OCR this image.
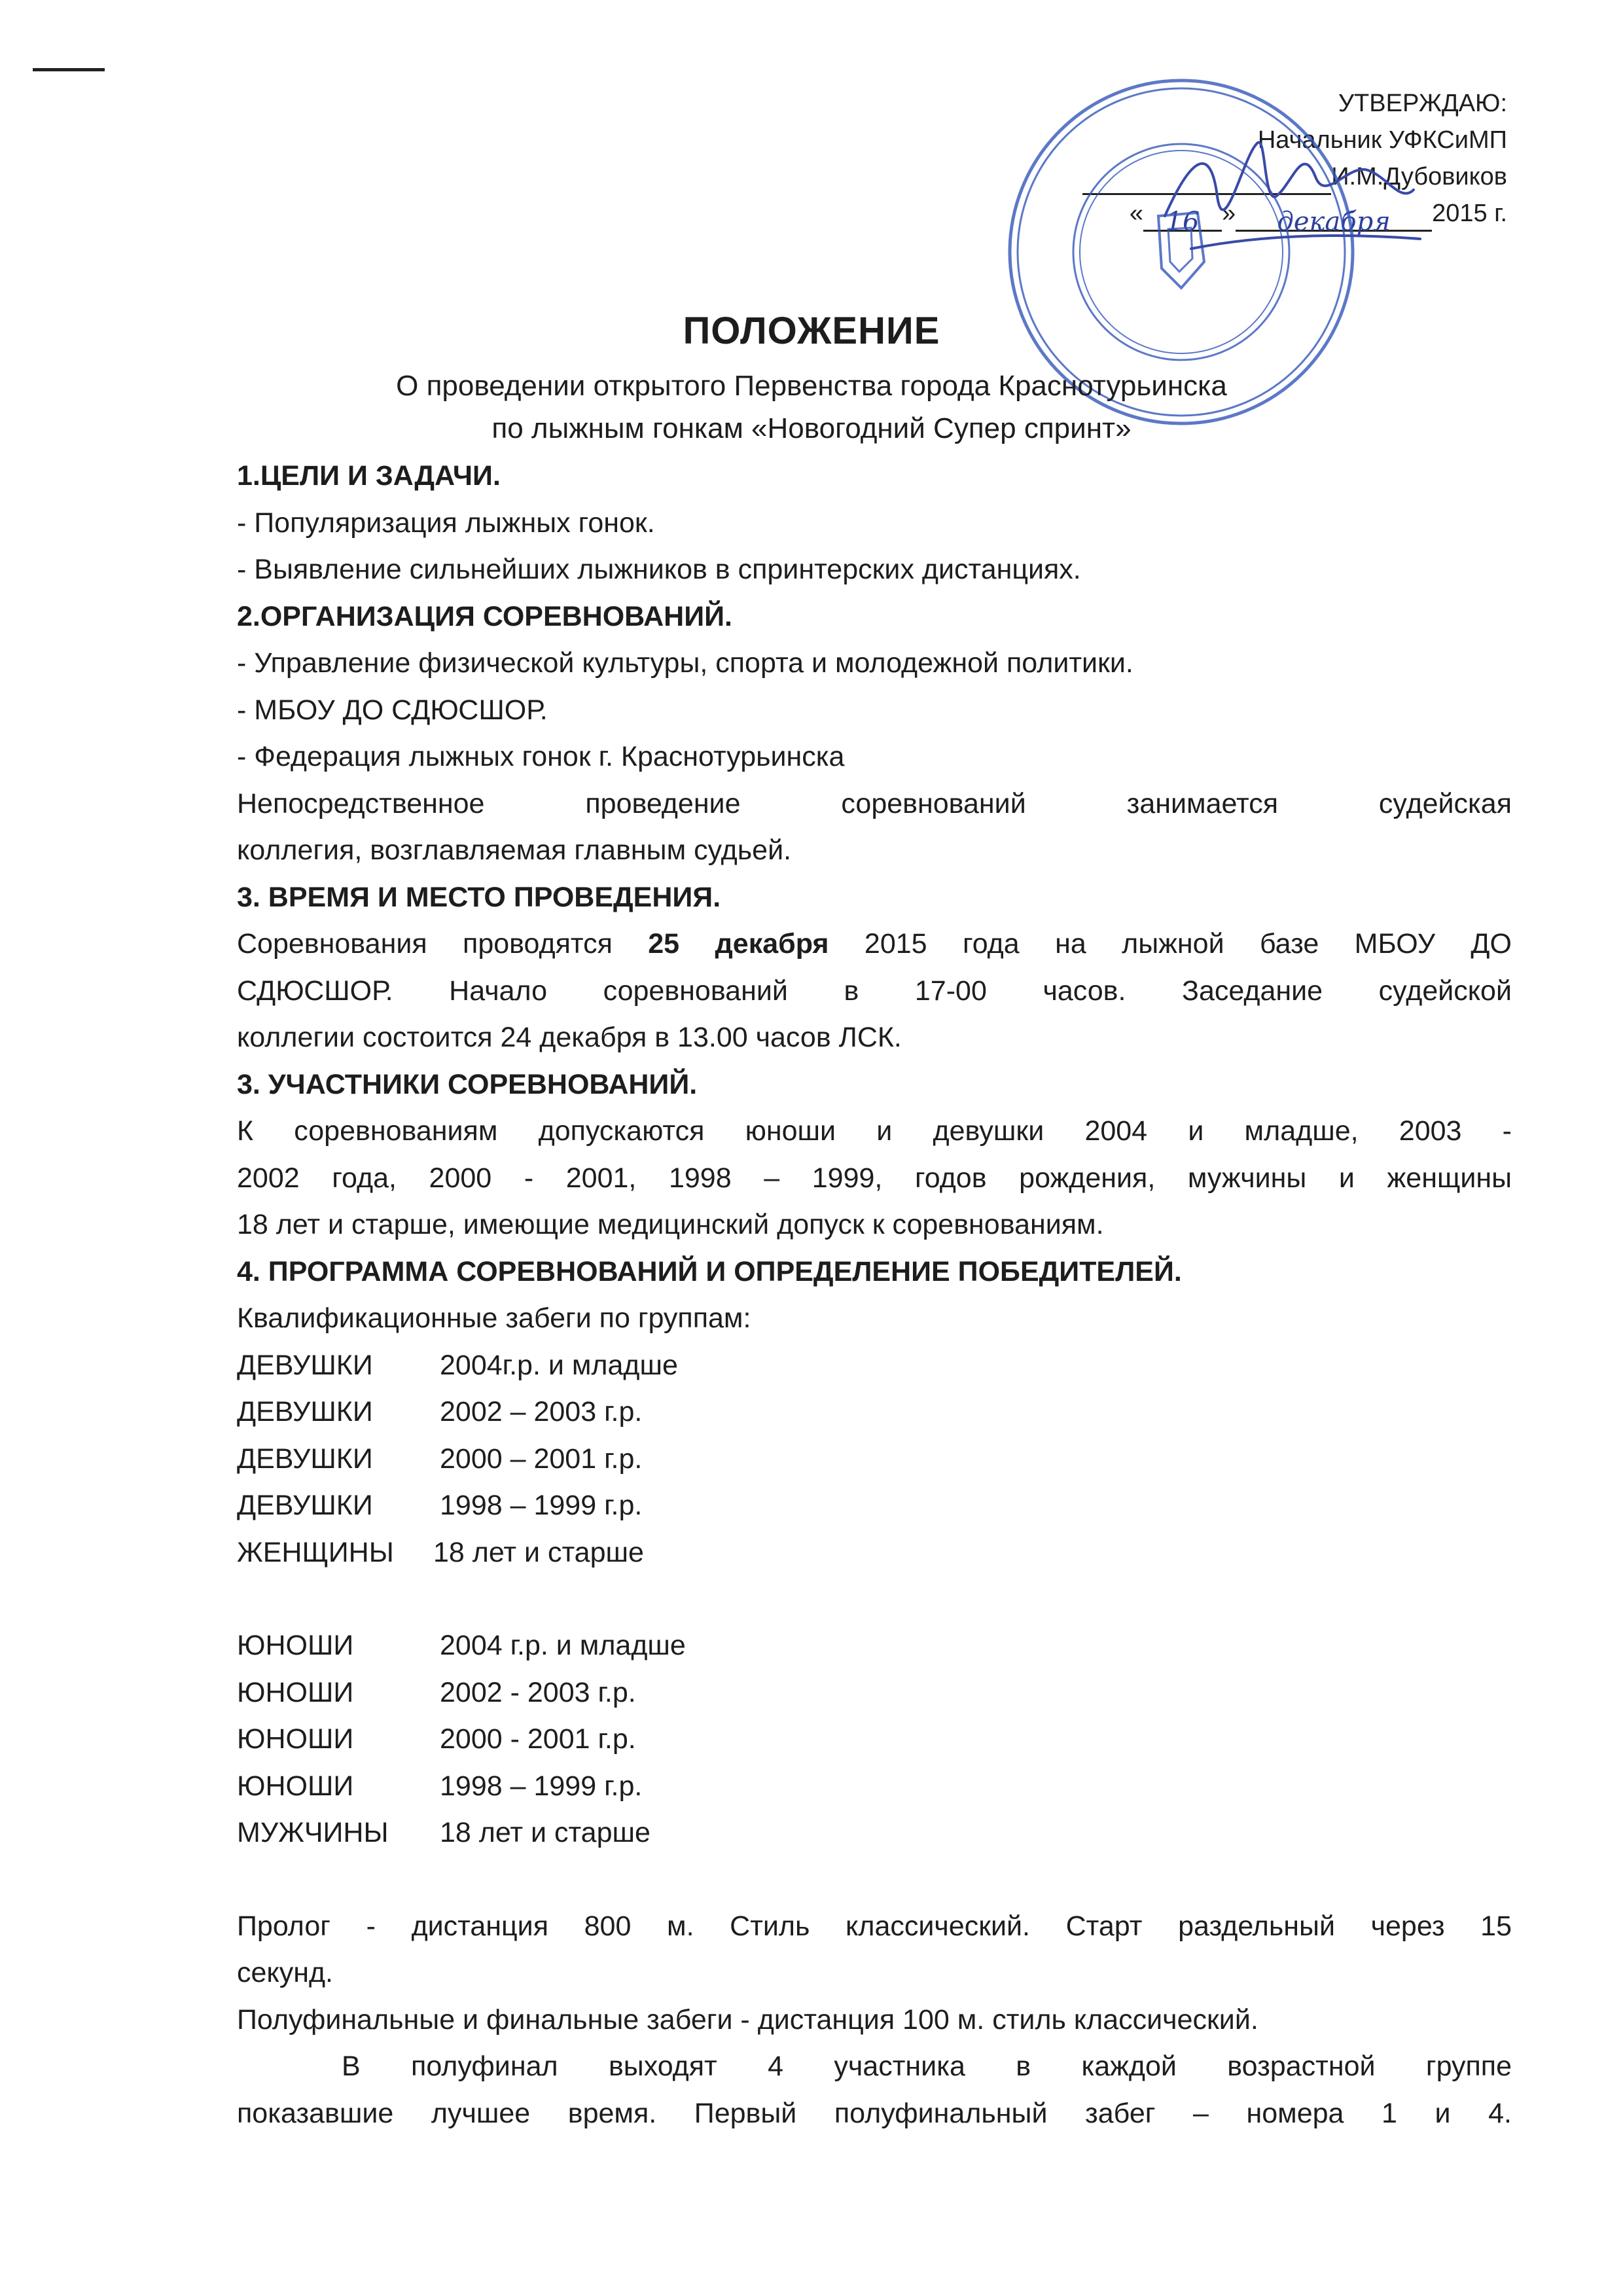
УТВЕРЖДАЮ:
Начальник УФКСиМП
И.М.Дубовиков
« 16 » декабря 2015 г.
ПОЛОЖЕНИЕ
О проведении открытого Первенства города Краснотурьинска
по лыжным гонкам «Новогодний Супер спринт»

1.ЦЕЛИ И ЗАДАЧИ.

- Популяризация лыжных гонок.

- Выявление сильнейших лыжников в спринтерских дистанциях.

2.ОРГАНИЗАЦИЯ СОРЕВНОВАНИЙ.

- Управление физической культуры, спорта и молодежной политики.

- МБОУ ДО СДЮСШОР.

- Федерация лыжных гонок г. Краснотурьинска

Непосредственное проведение соревнований занимается судейская

коллегия, возглавляемая главным судьей.

3. ВРЕМЯ И МЕСТО ПРОВЕДЕНИЯ.

Соревнования проводятся 25 декабря 2015 года на лыжной базе МБОУ ДО

СДЮСШОР. Начало соревнований в 17-00 часов. Заседание судейской

коллегии состоится 24 декабря в 13.00 часов ЛСК.

3. УЧАСТНИКИ СОРЕВНОВАНИЙ.

К соревнованиям допускаются юноши и девушки 2004 и младше, 2003 -

2002 года, 2000 - 2001, 1998 – 1999, годов рождения, мужчины и женщины

18 лет и старше, имеющие медицинский допуск к соревнованиям.

4. ПРОГРАММА СОРЕВНОВАНИЙ И ОПРЕДЕЛЕНИЕ ПОБЕДИТЕЛЕЙ.

Квалификационные забеги по группам:

ДЕВУШКИ 2004г.р. и младше

ДЕВУШКИ 2002 – 2003 г.р.

ДЕВУШКИ 2000 – 2001 г.р.

ДЕВУШКИ 1998 – 1999 г.р.

ЖЕНЩИНЫ 18 лет и старше

ЮНОШИ	2004 г.р. и младше

ЮНОШИ	2002 - 2003 г.р.

ЮНОШИ	2000 - 2001 г.р.

ЮНОШИ	1998 – 1999 г.р.

МУЖЧИНЫ 18 лет и старше

Пролог - дистанция 800 м. Стиль классический. Старт раздельный через 15

секунд.

Полуфинальные и финальные забеги - дистанция 100 м. стиль классический.

В полуфинал выходят 4 участника в каждой возрастной группе

показавшие лучшее время. Первый полуфинальный забег – номера 1 и 4.
